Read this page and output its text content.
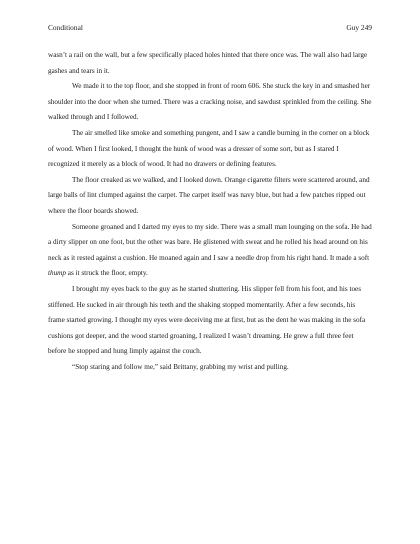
Conditional	Guy 249

wasn’t a rail on the wall, but a few specifically placed holes hinted that there once was. The wall also had large gashes and tears in it.

We made it to the top floor, and she stopped in front of room 606. She stuck the key in and smashed her shoulder into the door when she turned. There was a cracking noise, and sawdust sprinkled from the ceiling. She walked through and I followed.

The air smelled like smoke and something pungent, and I saw a candle burning in the corner on a block of wood. When I first looked, I thought the hunk of wood was a dresser of some sort, but as I stared I recognized it merely as a block of wood. It had no drawers or defining features.

The floor creaked as we walked, and I looked down. Orange cigarette filters were scattered around, and large balls of lint clumped against the carpet. The carpet itself was navy blue, but had a few patches ripped out where the floor boards showed.

Someone groaned and I darted my eyes to my side. There was a small man lounging on the sofa. He had a dirty slipper on one foot, but the other was bare. He glistened with sweat and he rolled his head around on his neck as it rested against a cushion. He moaned again and I saw a needle drop from his right hand. It made a soft thump as it struck the floor, empty.

I brought my eyes back to the guy as he started shuttering. His slipper fell from his foot, and his toes stiffened. He sucked in air through his teeth and the shaking stopped momentarily. After a few seconds, his frame started growing. I thought my eyes were deceiving me at first, but as the dent he was making in the sofa cushions got deeper, and the wood started groaning, I realized I wasn’t dreaming. He grew a full three feet before he stopped and hung limply against the couch.

“Stop staring and follow me,” said Brittany, grabbing my wrist and pulling.
